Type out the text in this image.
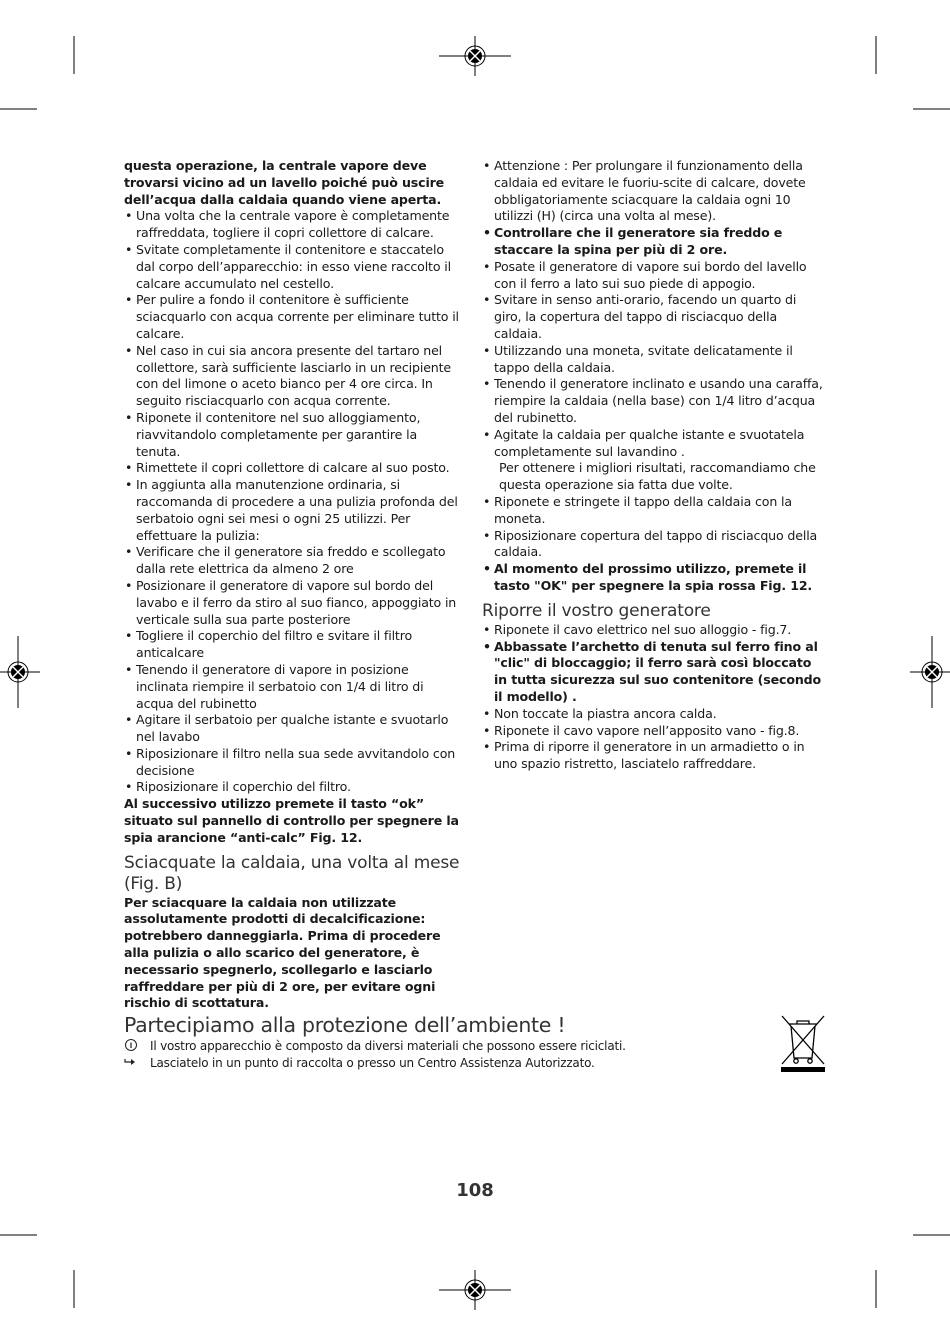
questa operazione, la centrale vapore deve trovarsi vicino ad un lavello poiché può uscire dell’acqua dalla caldaia quando viene aperta.
• Una volta che la centrale vapore è completamente raffreddata, togliere il copri collettore di calcare.
• Svitate completamente il contenitore e staccatelo dal corpo dell’apparecchio: in esso viene raccolto il calcare accumulato nel cestello.
• Per pulire a fondo il contenitore è sufficiente sciacquarlo con acqua corrente per eliminare tutto il calcare.
• Nel caso in cui sia ancora presente del tartaro nel collettore, sarà sufficiente lasciarlo in un recipiente con del limone o aceto bianco per 4 ore circa. In seguito risciacquarlo con acqua corrente.
• Riponete il contenitore nel suo alloggiamento, riavvitandolo completamente per garantire la tenuta.
• Rimettete il copri collettore di calcare al suo posto.
• In aggiunta alla manutenzione ordinaria, si raccomanda di procedere a una pulizia profonda del serbatoio ogni sei mesi o ogni 25 utilizzi. Per effettuare la pulizia:
• Verificare che il generatore sia freddo e scollegato dalla rete elettrica da almeno 2 ore
• Posizionare il generatore di vapore sul bordo del lavabo e il ferro da stiro al suo fianco, appoggiato in verticale sulla sua parte posteriore
• Togliere il coperchio del filtro e svitare il filtro anticalcare
• Tenendo il generatore di vapore in posizione inclinata riempire il serbatoio con 1/4 di litro di acqua del rubinetto
• Agitare il serbatoio per qualche istante e svuotarlo nel lavabo
• Riposizionare il filtro nella sua sede avvitandolo con decisione
• Riposizionare il coperchio del filtro.
Al successivo utilizzo premete il tasto “ok” situato sul pannello di controllo per spegnere la spia arancione “anti-calc” Fig. 12.
Sciacquate la caldaia, una volta al mese (Fig. B)
Per sciacquare la caldaia non utilizzate assolutamente prodotti di decalcificazione: potrebbero danneggiarla. Prima di procedere alla pulizia o allo scarico del generatore, è necessario spegnerlo, scollegarlo e lasciarlo raffreddare per più di 2 ore, per evitare ogni rischio di scottatura.
• Attenzione : Per prolungare il funzionamento della caldaia ed evitare le fuoriu-scite di calcare, dovete obbligatoriamente sciacquare la caldaia ogni 10 utilizzi (H) (circa una volta al mese).
• Controllare che il generatore sia freddo e staccare la spina per più di 2 ore.
• Posate il generatore di vapore sui bordo del lavello con il ferro a lato sui suo piede di appogio.
• Svitare in senso anti-orario, facendo un quarto di giro, la copertura del tappo di risciacquo della caldaia.
• Utilizzando una moneta, svitate delicatamente il tappo della caldaia.
• Tenendo il generatore inclinato e usando una caraffa, riempire la caldaia (nella base) con 1/4 litro d’acqua del rubinetto.
• Agitate la caldaia per qualche istante e svuotatela completamente sul lavandino .
Per ottenere i migliori risultati, raccomandiamo che questa operazione sia fatta due volte.
• Riponete e stringete il tappo della caldaia con la moneta.
• Riposizionare copertura del tappo di risciacquo della caldaia.
• Al momento del prossimo utilizzo, premete il tasto "OK" per spegnere la spia rossa Fig. 12.
Riporre il vostro generatore
• Riponete il cavo elettrico nel suo alloggio - fig.7.
• Abbassate l’archetto di tenuta sul ferro fino al "clic" di bloccaggio; il ferro sarà così bloccato in tutta sicurezza sul suo contenitore (secondo il modello) .
• Non toccate la piastra ancora calda.
• Riponete il cavo vapore nell’apposito vano - fig.8.
• Prima di riporre il generatore in un armadietto o in uno spazio ristretto, lasciatelo raffreddare.
Partecipiamo alla protezione dell’ambiente !
Il vostro apparecchio è composto da diversi materiali che possono essere riciclati.
Lasciatelo in un punto di raccolta o presso un Centro Assistenza Autorizzato.
108
